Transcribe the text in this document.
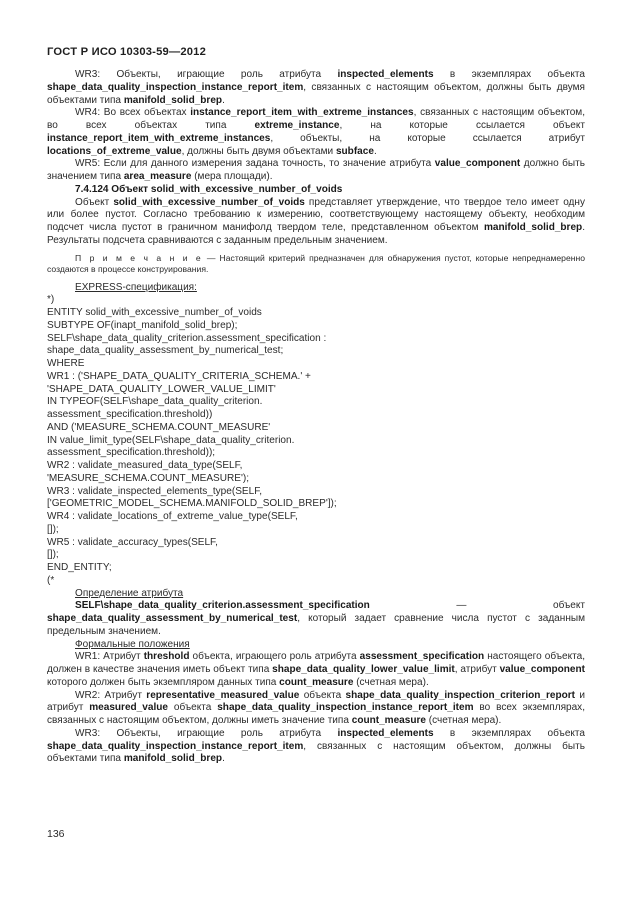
ГОСТ Р ИСО 10303-59—2012

WR3: Объекты, играющие роль атрибута inspected_elements в экземплярах объекта shape_data_quality_inspection_instance_report_item, связанных с настоящим объектом, должны быть двумя объектами типа manifold_solid_brep.

WR4: Во всех объектах instance_report_item_with_extreme_instances, связанных с настоящим объектом, во всех объектах типа extreme_instance, на которые ссылается объект instance_report_item_with_extreme_instances, объекты, на которые ссылается атрибут locations_of_extreme_value, должны быть двумя объектами subface.

WR5: Если для данного измерения задана точность, то значение атрибута value_component должно быть значением типа area_measure (мера площади).

7.4.124 Объект solid_with_excessive_number_of_voids

Объект solid_with_excessive_number_of_voids представляет утверждение, что твердое тело имеет одну или более пустот. Согласно требованию к измерению, соответствующему настоящему объекту, необходим подсчет числа пустот в граничном манифолд твердом теле, представленном объектом manifold_solid_brep. Результаты подсчета сравниваются с заданным предельным значением.

П р и м е ч а н и е — Настоящий критерий предназначен для обнаружения пустот, которые непреднамеренно создаются в процессе конструирования.

EXPRESS-спецификация:

*)
ENTITY solid_with_excessive_number_of_voids
SUBTYPE OF(inapt_manifold_solid_brep);
SELF\shape_data_quality_criterion.assessment_specification :
shape_data_quality_assessment_by_numerical_test;
WHERE
WR1 : ('SHAPE_DATA_QUALITY_CRITERIA_SCHEMA.' +
'SHAPE_DATA_QUALITY_LOWER_VALUE_LIMIT'
IN TYPEOF(SELF\shape_data_quality_criterion.
assessment_specification.threshold))
AND ('MEASURE_SCHEMA.COUNT_MEASURE'
IN value_limit_type(SELF\shape_data_quality_criterion.
assessment_specification.threshold));
WR2 : validate_measured_data_type(SELF,
'MEASURE_SCHEMA.COUNT_MEASURE');
WR3 : validate_inspected_elements_type(SELF,
['GEOMETRIC_MODEL_SCHEMA.MANIFOLD_SOLID_BREP']);
WR4 : validate_locations_of_extreme_value_type(SELF,
[]);
WR5 : validate_accuracy_types(SELF,
[]);
END_ENTITY;
(*

Определение атрибута

SELF\shape_data_quality_criterion.assessment_specification — объект shape_data_quality_assessment_by_numerical_test, который задает сравнение числа пустот с заданным предельным значением.

Формальные положения

WR1: Атрибут threshold объекта, играющего роль атрибута assessment_specification настоящего объекта, должен в качестве значения иметь объект типа shape_data_quality_lower_value_limit, атрибут value_component которого должен быть экземпляром данных типа count_measure (счетная мера).

WR2: Атрибут representative_measured_value объекта shape_data_quality_inspection_criterion_report и атрибут measured_value объекта shape_data_quality_inspection_instance_report_item во всех экземплярах, связанных с настоящим объектом, должны иметь значение типа count_measure (счетная мера).

WR3: Объекты, играющие роль атрибута inspected_elements в экземплярах объекта shape_data_quality_inspection_instance_report_item, связанных с настоящим объектом, должны быть объектами типа manifold_solid_brep.

136
